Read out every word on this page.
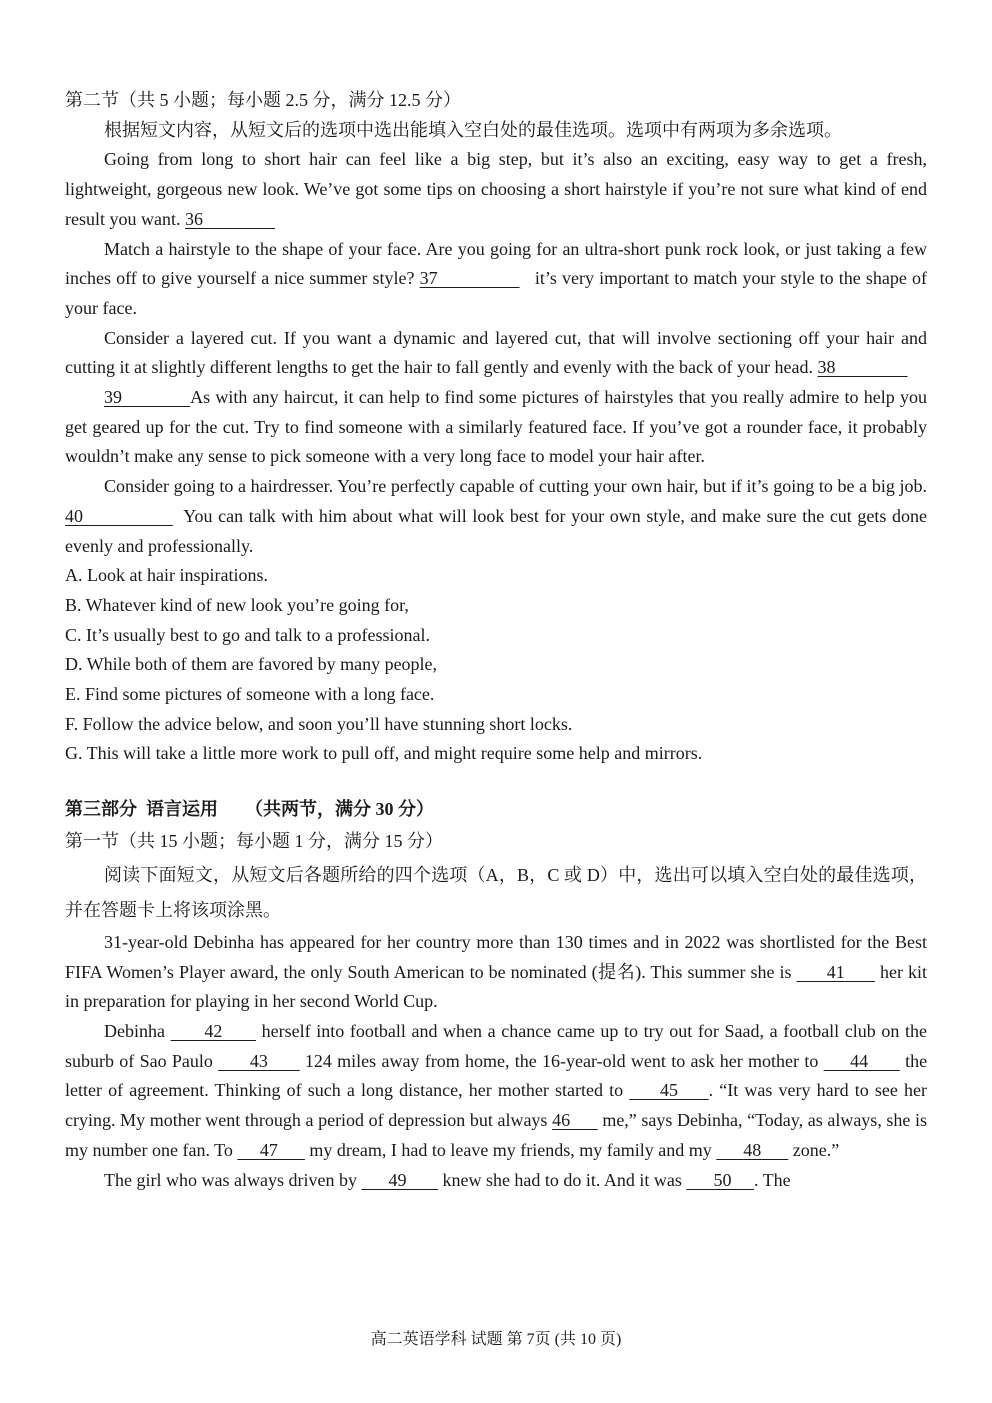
第二节（共 5 小题；每小题 2.5 分，满分 12.5 分）

根据短文内容，从短文后的选项中选出能填入空白处的最佳选项。选项中有两项为多余选项。

Going from long to short hair can feel like a big step, but it’s also an exciting, easy way to get a fresh, lightweight, gorgeous new look. We’ve got some tips on choosing a short hairstyle if you’re not sure what kind of end result you want. 36

Match a hairstyle to the shape of your face. Are you going for an ultra-short punk rock look, or just taking a few inches off to give yourself a nice summer style? 37	it’s very important to match your style to the shape of your face.

Consider a layered cut. If you want a dynamic and layered cut, that will involve sectioning off your hair and cutting it at slightly different lengths to get the hair to fall gently and evenly with the back of your head. 38

39	As with any haircut, it can help to find some pictures of hairstyles that you really admire to help you get geared up for the cut. Try to find someone with a similarly featured face. If you’ve got a rounder face, it probably wouldn’t make any sense to pick someone with a very long face to model your hair after.

Consider going to a hairdresser. You’re perfectly capable of cutting your own hair, but if it’s going to be a big job. 40	You can talk with him about what will look best for your own style, and make sure the cut gets done evenly and professionally.

A. Look at hair inspirations.

B. Whatever kind of new look you’re going for,

C. It’s usually best to go and talk to a professional.

D. While both of them are favored by many people,

E. Find some pictures of someone with a long face.

F. Follow the advice below, and soon you’ll have stunning short locks.

G. This will take a little more work to pull off, and might require some help and mirrors.

第三部分  语言运用      （共两节，满分 30 分）

第一节（共 15 小题；每小题 1 分，满分 15 分）

阅读下面短文，从短文后各题所给的四个选项（A，B，C 或 D）中，选出可以填入空白处的最佳选项，并在答题卡上将该项涂黑。

31-year-old Debinha has appeared for her country more than 130 times and in 2022 was shortlisted for the Best FIFA Women’s Player award, the only South American to be nominated (提名). This summer she is 41 her kit in preparation for playing in her second World Cup.

Debinha 42 herself into football and when a chance came up to try out for Saad, a football club on the suburb of Sao Paulo 43 124 miles away from home, the 16-year-old went to ask her mother to 44 the letter of agreement. Thinking of such a long distance, her mother started to 45 . “It was very hard to see her crying. My mother went through a period of depression but always 46 me,” says Debinha, “Today, as always, she is my number one fan. To 47 my dream, I had to leave my friends, my family and my 48 zone.”

The girl who was always driven by 49 knew she had to do it. And it was 50 . The

高二英语学科 试题 第 7页 (共 10 页)
